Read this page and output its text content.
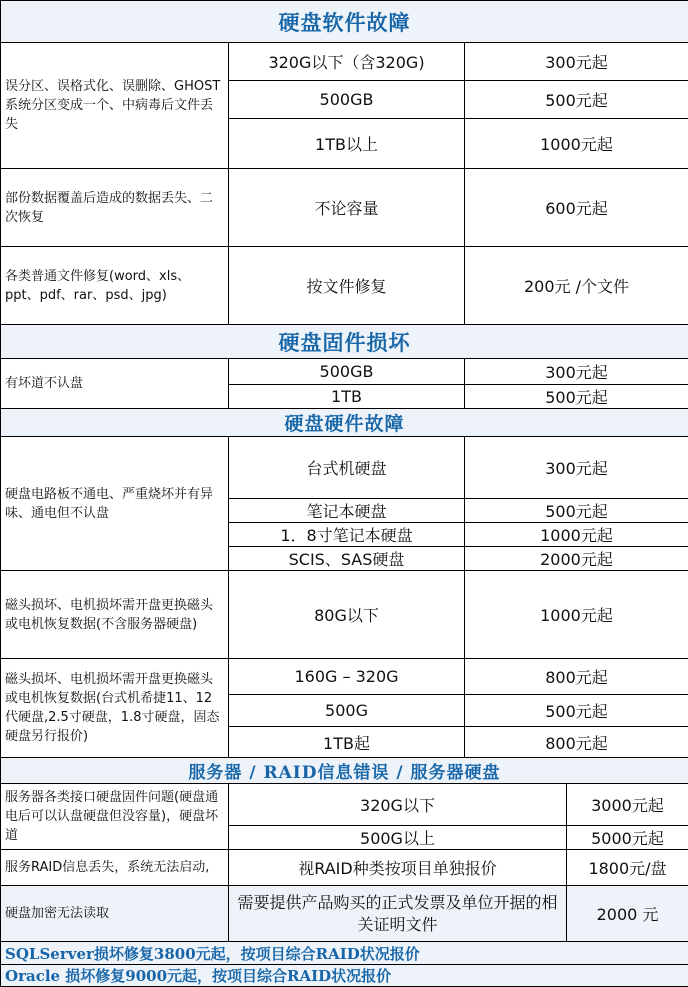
硬盘软件故障			
误分区、误格式化、误删除、GHOST系统分区变成一个、中病毒后文件丢失	320G以下（含320G)	300元起	
	500GB	500元起	
	1TB以上	1000元起	
部份数据覆盖后造成的数据丢失、二次恢复	不论容量	600元起	
各类普通文件修复(word、xls、ppt、pdf、rar、psd、jpg)	按文件修复	200元 /个文件	
硬盘固件损坏			
有坏道不认盘	500GB	300元起	
	1TB	500元起	
硬盘硬件故障			
硬盘电路板不通电、严重烧坏并有异味、通电但不认盘	台式机硬盘	300元起	
	笔记本硬盘	500元起	
	1．8寸笔记本硬盘	1000元起	
	SCIS、SAS硬盘	2000元起	
磁头损坏、电机损坏需开盘更换磁头或电机恢复数据(不含服务器硬盘)	80G以下	1000元起	
磁头损坏、电机损坏需开盘更换磁头或电机恢复数据(台式机希捷11、12代硬盘,2.5寸硬盘，1.8寸硬盘，固态硬盘另行报价)	160G – 320G	800元起	
	500G	500元起	
	1TB起	800元起	
服务器 / RAID信息错误 / 服务器硬盘			
服务器各类接口硬盘固件问题(硬盘通电后可以认盘硬盘但没容量)，硬盘坏道	320G以下		3000元起
	500G以上		5000元起
服务RAID信息丢失，系统无法启动,	视RAID种类按项目单独报价		1800元/盘
硬盘加密无法读取	需要提供产品购买的正式发票及单位开据的相关证明文件		2000 元
SQLServer损坏修复3800元起，按项目综合RAID状况报价			
Oracle 损坏修复9000元起，按项目综合RAID状况报价			
